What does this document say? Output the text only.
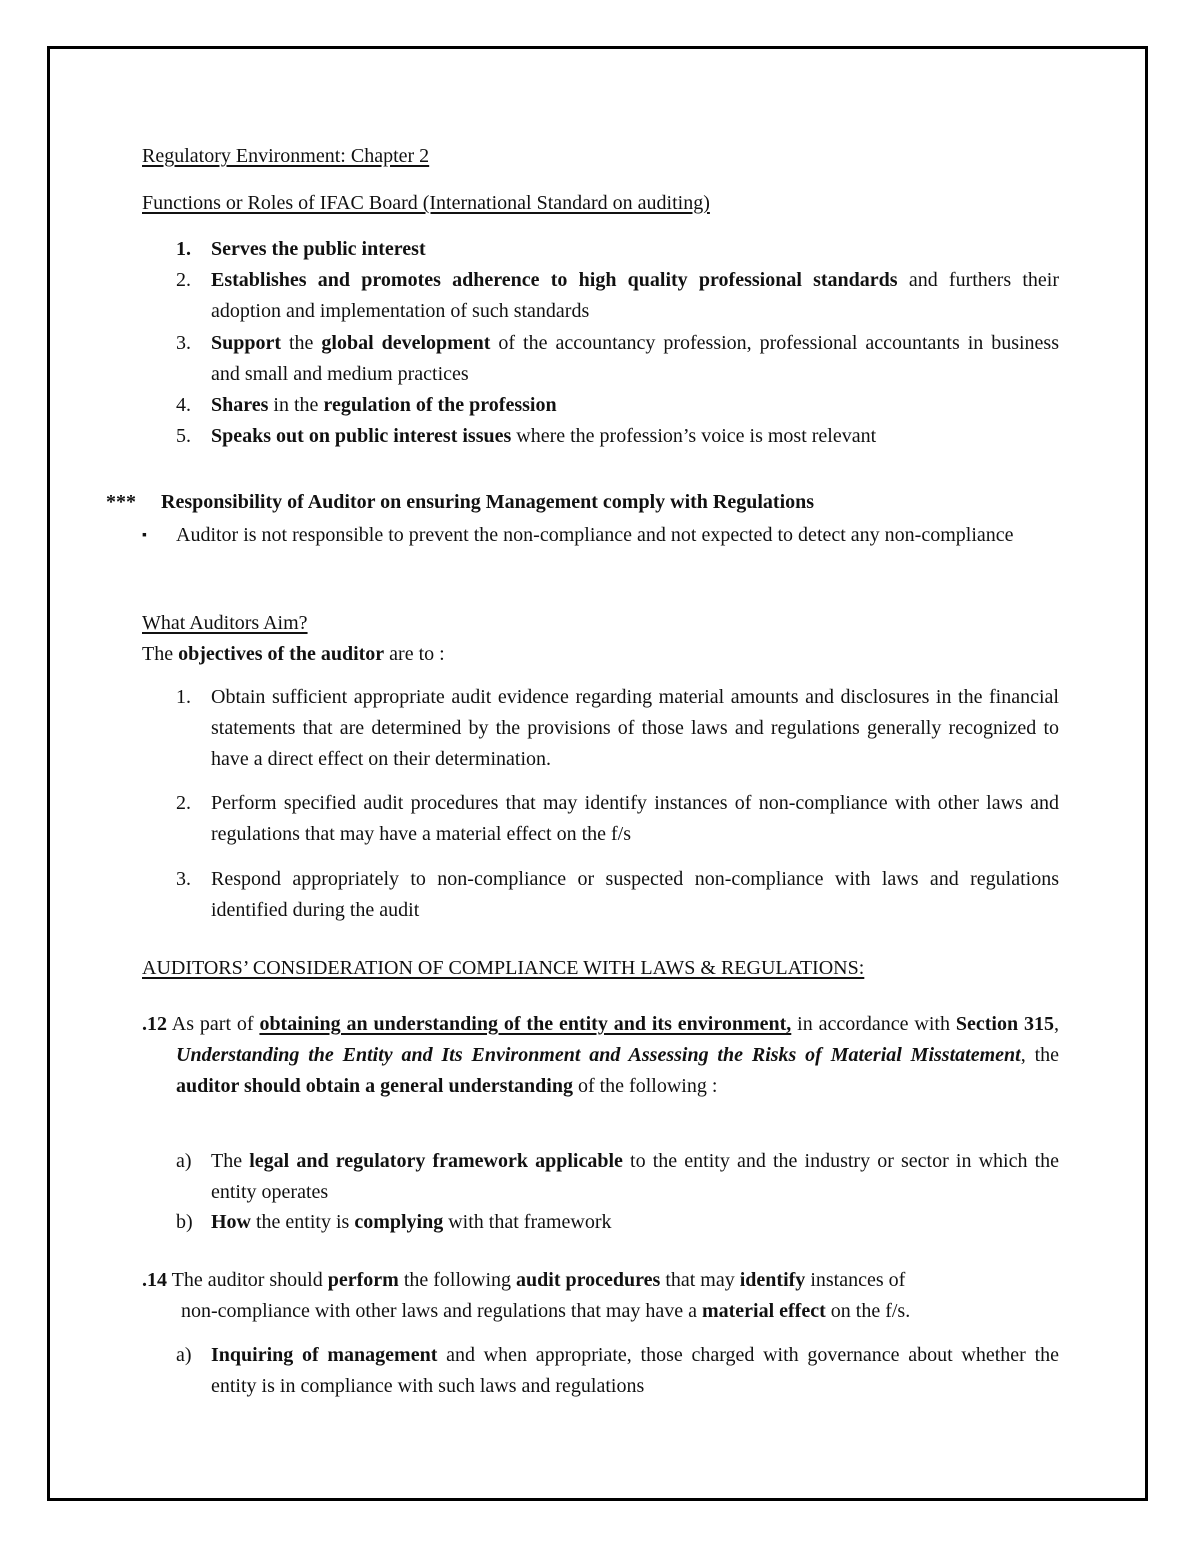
Regulatory Environment: Chapter 2
Functions or Roles of IFAC Board (International Standard on auditing)
1.	Serves the public interest
2.	Establishes and promotes adherence to high quality professional standards and furthers their adoption and implementation of such standards
3.	Support the global development of the accountancy profession, professional accountants in business and small and medium practices
4.	Shares in the regulation of the profession
5.	Speaks out on public interest issues where the profession’s voice is most relevant
*** Responsibility of Auditor on ensuring Management comply with Regulations
▪ Auditor is not responsible to prevent the non-compliance and not expected to detect any non-compliance
What Auditors Aim?
The objectives of the auditor are to :
1.	Obtain sufficient appropriate audit evidence regarding material amounts and disclosures in the financial statements that are determined by the provisions of those laws and regulations generally recognized to have a direct effect on their determination.
2.	Perform specified audit procedures that may identify instances of non-compliance with other laws and regulations that may have a material effect on the f/s
3.	Respond appropriately to non-compliance or suspected non-compliance with laws and regulations identified during the audit
AUDITORS’ CONSIDERATION OF COMPLIANCE WITH LAWS & REGULATIONS:
.12 As part of obtaining an understanding of the entity and its environment, in accordance with Section 315, Understanding the Entity and Its Environment and Assessing the Risks of Material Misstatement, the auditor should obtain a general understanding of the following :
a) The legal and regulatory framework applicable to the entity and the industry or sector in which the entity operates
b) How the entity is complying with that framework
.14 The auditor should perform the following audit procedures that may identify instances of
non-compliance with other laws and regulations that may have a material effect on the f/s.
a) Inquiring of management and when appropriate, those charged with governance about whether the entity is in compliance with such laws and regulations
